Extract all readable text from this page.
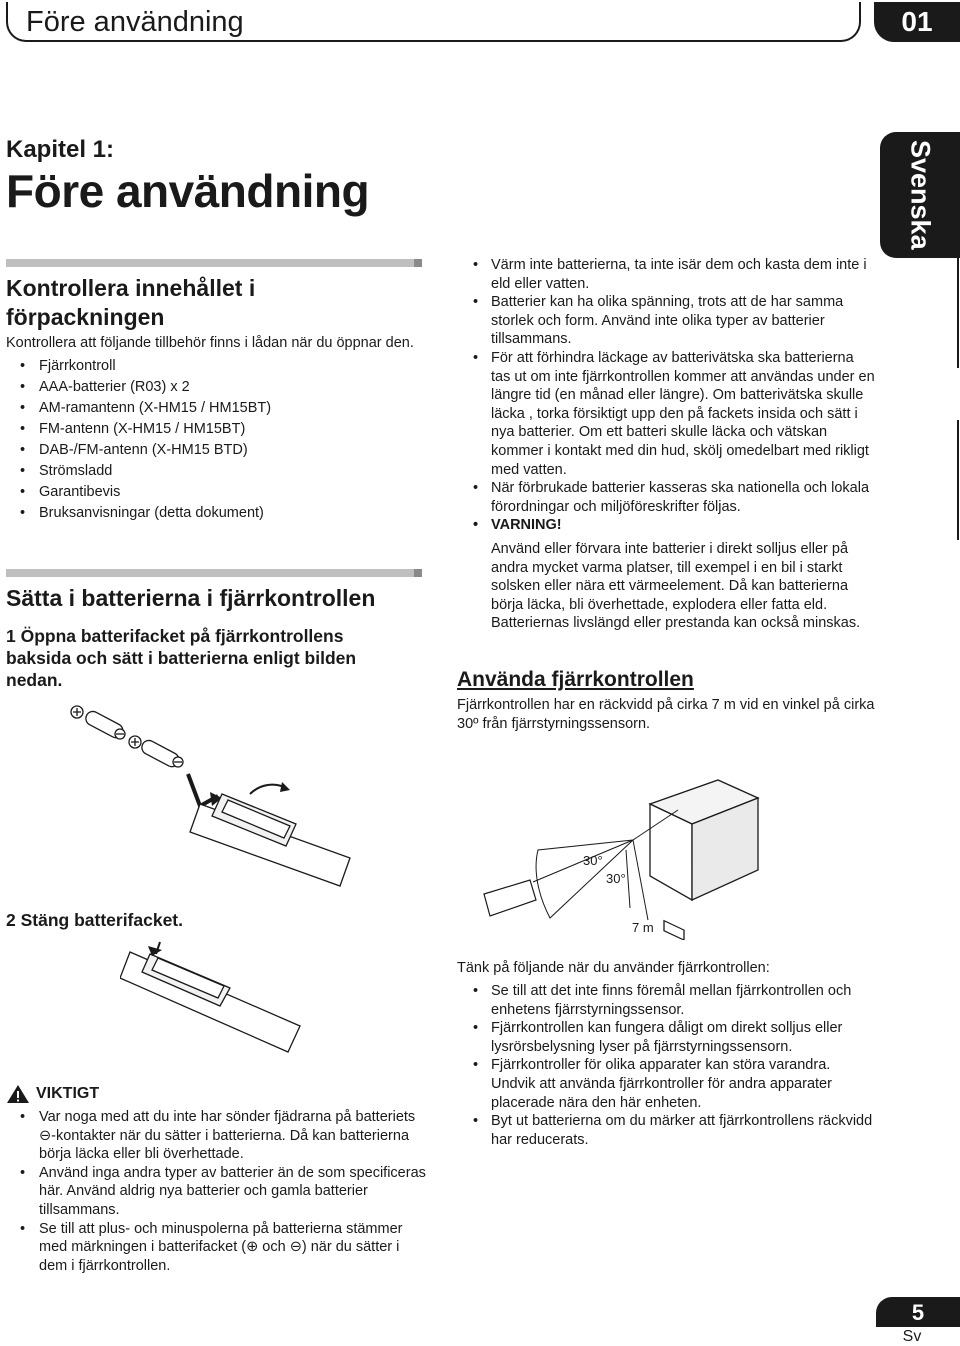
Före användning	01
Svenska
Kapitel 1:
Före användning
Kontrollera innehållet i
förpackningen

Kontrollera att följande tillbehör finns i lådan när du öppnar den.

• Fjärrkontroll
• AAA-batterier (R03) x 2
• AM-ramantenn (X-HM15 / HM15BT)
• FM-antenn (X-HM15 / HM15BT)
• DAB-/FM-antenn (X-HM15 BTD)
• Strömsladd
• Garantibevis
• Bruksanvisningar (detta dokument)
Sätta i batterierna i fjärrkontrollen
1 Öppna batterifacket på fjärrkontrollens baksida och sätt i batterierna enligt bilden nedan.
2 Stäng batterifacket.
VIKTIGT
• Var noga med att du inte har sönder fjädrarna på batteriets ⊖-kontakter när du sätter i batterierna. Då kan batterierna börja läcka eller bli överhettade.
• Använd inga andra typer av batterier än de som specificeras här. Använd aldrig nya batterier och gamla batterier tillsammans.
• Se till att plus- och minuspolerna på batterierna stämmer med märkningen i batterifacket (⊕ och ⊖) när du sätter i dem i fjärrkontrollen.
• Värm inte batterierna, ta inte isär dem och kasta dem inte i eld eller vatten.
• Batterier kan ha olika spänning, trots att de har samma storlek och form. Använd inte olika typer av batterier tillsammans.
• För att förhindra läckage av batterivätska ska batterierna tas ut om inte fjärrkontrollen kommer att användas under en längre tid (en månad eller längre). Om batterivätska skulle läcka , torka försiktigt upp den på fackets insida och sätt i nya batterier. Om ett batteri skulle läcka och vätskan kommer i kontakt med din hud, skölj omedelbart med rikligt med vatten.
• När förbrukade batterier kasseras ska nationella och lokala förordningar och miljöföreskrifter följas.
• VARNING!
Använd eller förvara inte batterier i direkt solljus eller på andra mycket varma platser, till exempel i en bil i starkt solsken eller nära ett värmeelement. Då kan batterierna börja läcka, bli överhettade, explodera eller fatta eld. Batteriernas livslängd eller prestanda kan också minskas.
Använda fjärrkontrollen

Fjärrkontrollen har en räckvidd på cirka 7 m vid en vinkel på cirka 30º från fjärrstyrningssensorn.

30°
30°
7 m

Tänk på följande när du använder fjärrkontrollen:

• Se till att det inte finns föremål mellan fjärrkontrollen och enhetens fjärrstyrningssensor.
• Fjärrkontrollen kan fungera dåligt om direkt solljus eller lysrörsbelysning lyser på fjärrstyrningssensorn.
• Fjärrkontroller för olika apparater kan störa varandra. Undvik att använda fjärrkontroller för andra apparater placerade nära den här enheten.
• Byt ut batterierna om du märker att fjärrkontrollens räckvidd har reducerats.
5
Sv
